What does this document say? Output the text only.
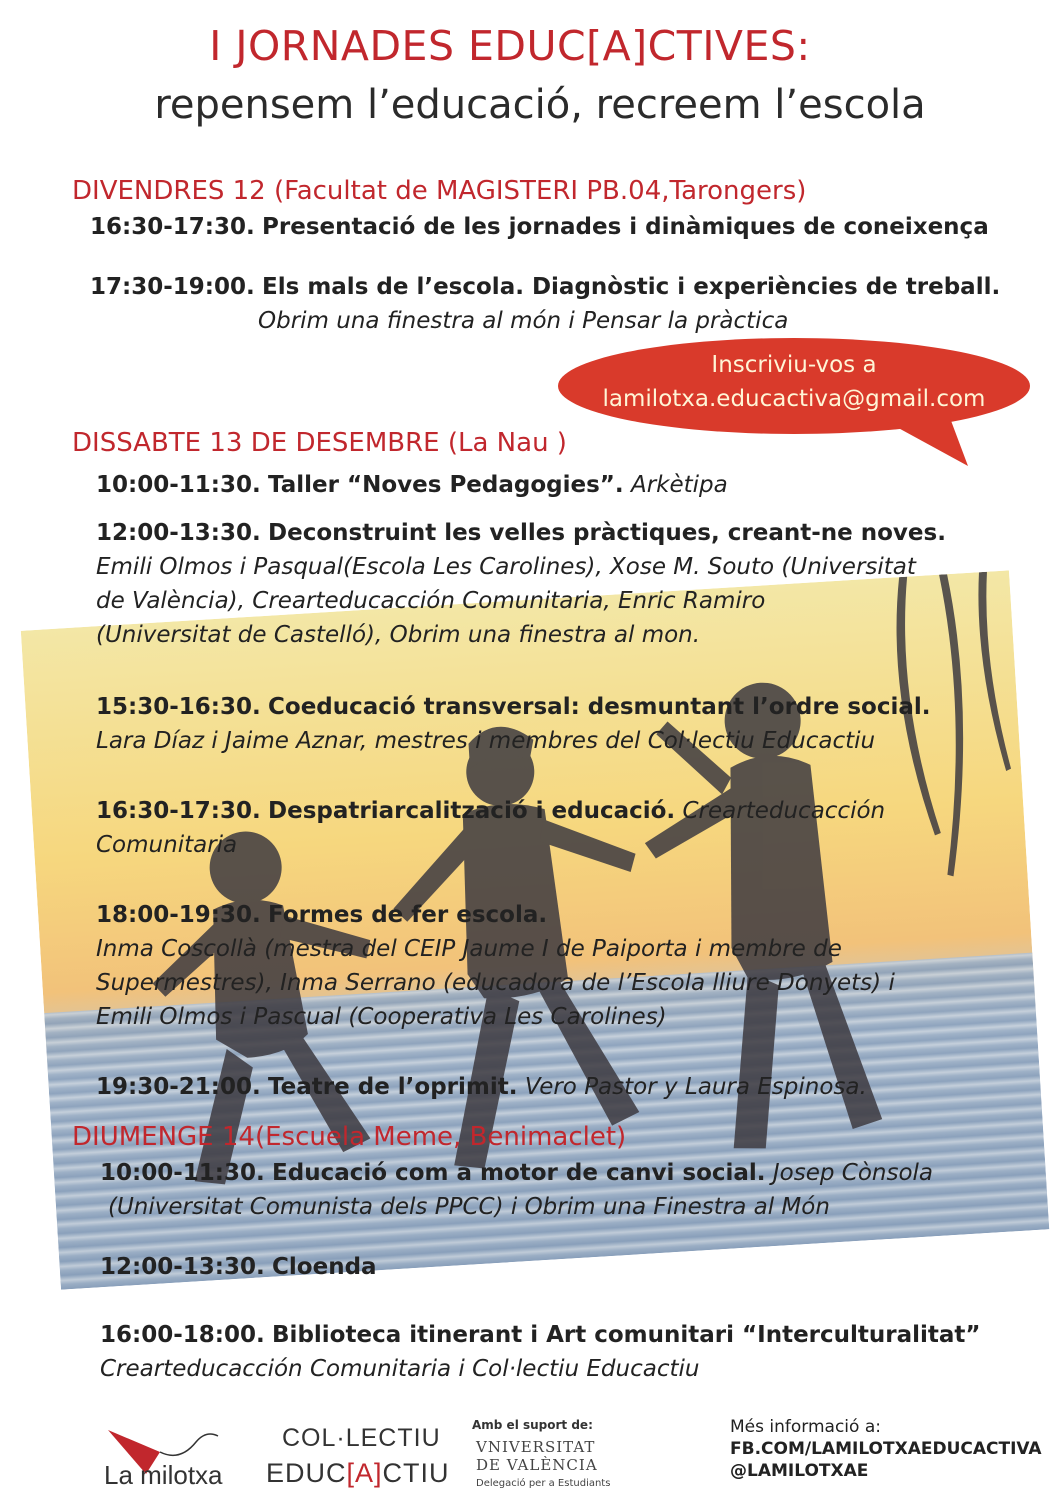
I JORNADES EDUC[A]CTIVES:
repensem l’educació, recreem l’escola
DIVENDRES 12 (Facultat de MAGISTERI PB.04,Tarongers)
16:30-17:30. Presentació de les jornades i dinàmiques de coneixença
17:30-19:00. Els mals de l’escola. Diagnòstic i experiències de treball.
Obrim una finestra al món i Pensar la pràctica
Inscriviu-vos a
lamilotxa.educactiva@gmail.com
DISSABTE 13 DE DESEMBRE (La Nau )
10:00-11:30. Taller “Noves Pedagogies”. Arkètipa
12:00-13:30. Deconstruint les velles pràctiques, creant-ne noves.
Emili Olmos i Pasqual(Escola Les Carolines), Xose M. Souto (Universitat
de València), Crearteducacción Comunitaria, Enric Ramiro
(Universitat de Castelló), Obrim una finestra al mon.
15:30-16:30. Coeducació transversal: desmuntant l’ordre social.
Lara Díaz i Jaime Aznar, mestres i membres del Col·lectiu Educactiu
16:30-17:30. Despatriarcalització i educació. Crearteducacción
Comunitaria
18:00-19:30. Formes de fer escola.
Inma Coscollà (mestra del CEIP Jaume I de Paiporta i membre de
Supermestres), Inma Serrano (educadora de l’Escola lliure Donyets) i
Emili Olmos i Pascual (Cooperativa Les Carolines)
19:30-21:00. Teatre de l’oprimit. Vero Pastor y Laura Espinosa.
DIUMENGE 14(Escuela Meme, Benimaclet)
10:00-11:30. Educació com a motor de canvi social. Josep Cònsola
(Universitat Comunista dels PPCC) i Obrim una Finestra al Món
12:00-13:30. Cloenda
16:00-18:00. Biblioteca itinerant i Art comunitari “Interculturalitat”
Crearteducacción Comunitaria i Col·lectiu Educactiu
La milotxa
COL·LECTIU
EDUC[A]CTIU
Amb el suport de:
VNIVERSITAT
DE VALÈNCIA
Delegació per a Estudiants
Més informació a:
FB.COM/LAMILOTXAEDUCACTIVA
@LAMILOTXAE
